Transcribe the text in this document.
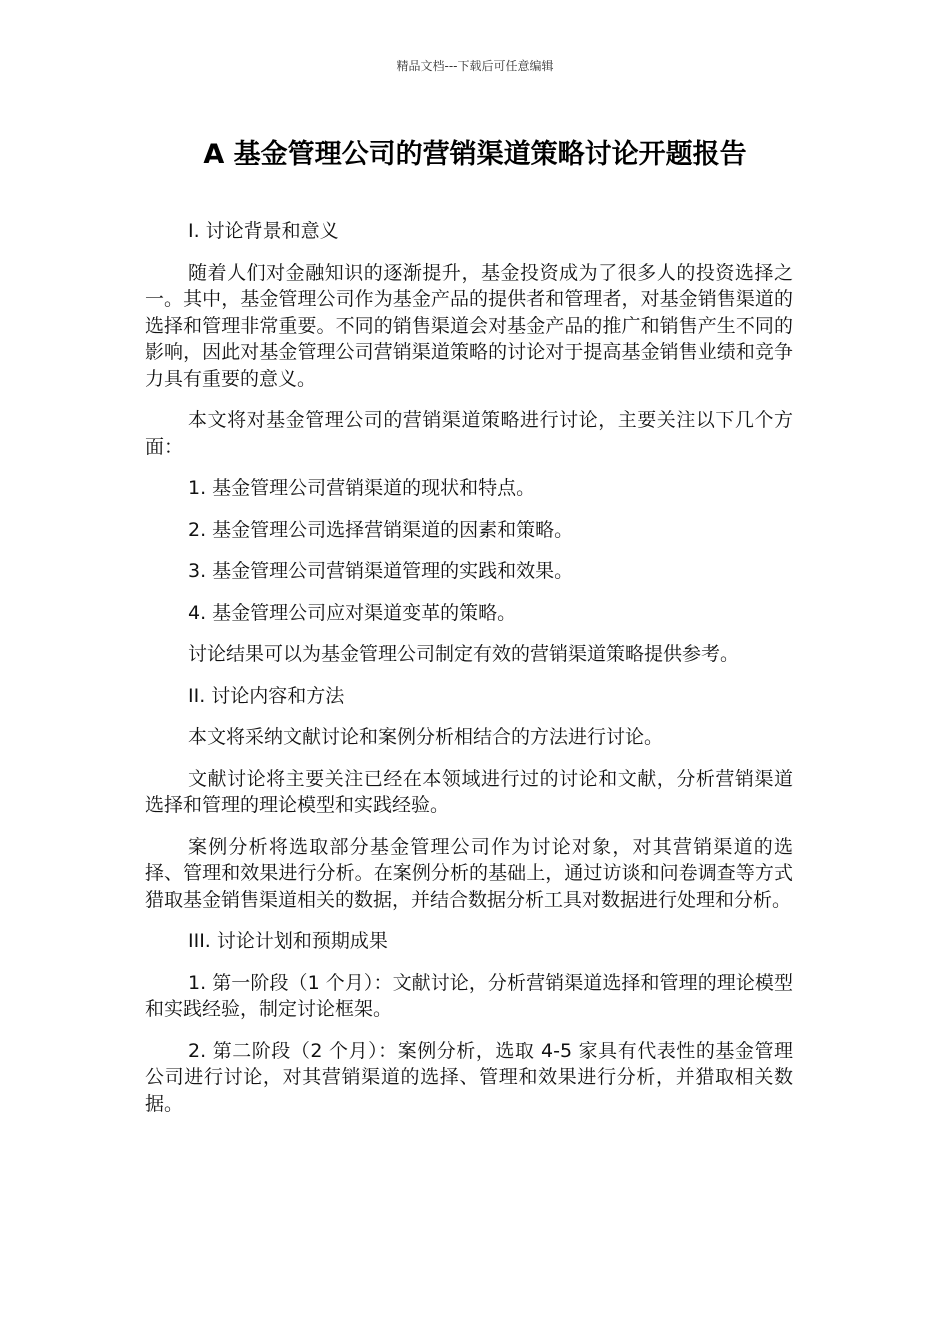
精品文档---下载后可任意编辑
A 基金管理公司的营销渠道策略讨论开题报告

I. 讨论背景和意义

随着人们对金融知识的逐渐提升，基金投资成为了很多人的投资选择之一。其中，基金管理公司作为基金产品的提供者和管理者，对基金销售渠道的选择和管理非常重要。不同的销售渠道会对基金产品的推广和销售产生不同的影响，因此对基金管理公司营销渠道策略的讨论对于提高基金销售业绩和竞争力具有重要的意义。

本文将对基金管理公司的营销渠道策略进行讨论，主要关注以下几个方面：

1. 基金管理公司营销渠道的现状和特点。

2. 基金管理公司选择营销渠道的因素和策略。

3. 基金管理公司营销渠道管理的实践和效果。

4. 基金管理公司应对渠道变革的策略。

讨论结果可以为基金管理公司制定有效的营销渠道策略提供参考。

II. 讨论内容和方法

本文将采纳文献讨论和案例分析相结合的方法进行讨论。

文献讨论将主要关注已经在本领域进行过的讨论和文献，分析营销渠道选择和管理的理论模型和实践经验。

案例分析将选取部分基金管理公司作为讨论对象，对其营销渠道的选择、管理和效果进行分析。在案例分析的基础上，通过访谈和问卷调查等方式猎取基金销售渠道相关的数据，并结合数据分析工具对数据进行处理和分析。

III. 讨论计划和预期成果

1. 第一阶段（1 个月）：文献讨论，分析营销渠道选择和管理的理论模型和实践经验，制定讨论框架。

2. 第二阶段（2 个月）：案例分析，选取 4-5 家具有代表性的基金管理公司进行讨论，对其营销渠道的选择、管理和效果进行分析，并猎取相关数据。
